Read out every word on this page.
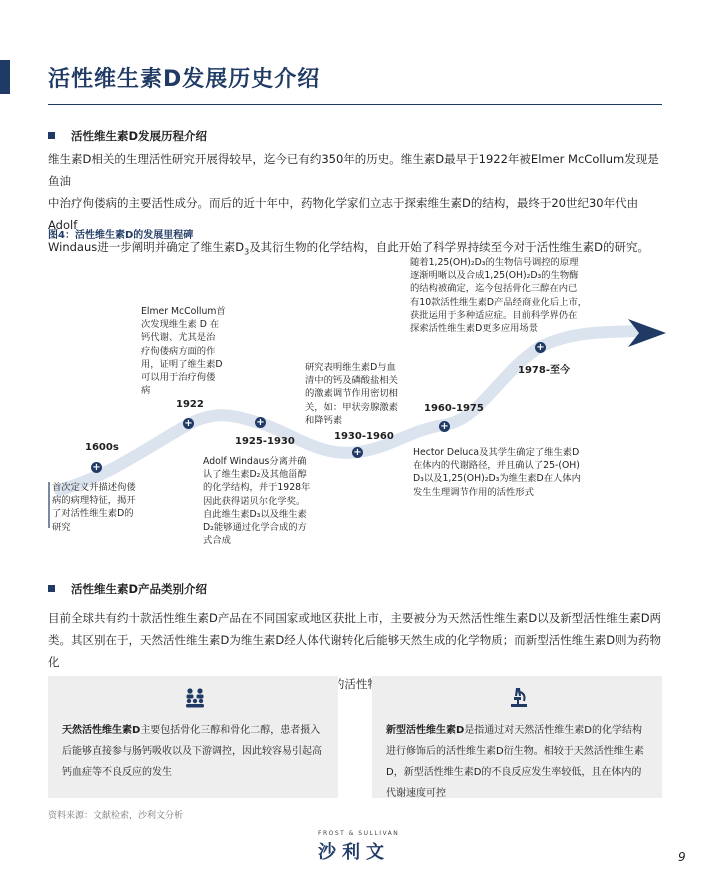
活性维生素D发展历史介绍
活性维生素D发展历程介绍
维生素D相关的生理活性研究开展得较早，迄今已有约350年的历史。维生素D最早于1922年被Elmer McCollum发现是鱼油
中治疗佝偻病的主要活性成分。而后的近十年中，药物化学家们立志于探索维生素D的结构，最终于20世纪30年代由Adolf
Windaus进一步阐明并确定了维生素$D_3$及其衍生物的化学结构，自此开始了科学界持续至今对于活性维生素D的研究。
图4：活性维生素D的发展里程碑
1600s
+
首次定义并描述佝偻
病的病理特征，揭开
了对活性维生素D的
研究
Elmer McCollum首
次发现维生素 D 在
钙代谢、尤其是治
疗佝偻病方面的作
用，证明了维生素D
可以用于治疗佝偻
病
1922
+	+
1925-1930
Adolf Windaus分离并确
认了维生素D₂及其他甾醇
的化学结构，并于1928年
因此获得诺贝尔化学奖。
自此维生素D₃以及维生素
D₂能够通过化学合成的方
式合成
研究表明维生素D与血
清中的钙及磷酸盐相关
的激素调节作用密切相
关，如：甲状旁腺激素
和降钙素
1930-1960
+
1960-1975
+
Hector Deluca及其学生确定了维生素D
在体内的代谢路径，并且确认了25-(OH)
D₃以及1,25(OH)₂D₃为维生素D在人体内
发生生理调节作用的活性形式
随着1,25(OH)₂D₃的生物信号调控的原理
逐渐明晰以及合成1,25(OH)₂D₃的生物酶
的结构被确定，迄今包括骨化三醇在内已
有10款活性维生素D产品经商业化后上市，
获批运用于多种适应症。目前科学界仍在
探索活性维生素D更多应用场景
+
1978-至今
活性维生素D产品类别介绍
目前全球共有约十款活性维生素D产品在不同国家或地区获批上市，主要被分为天然活性维生素D以及新型活性维生素D两
类。其区别在于，天然活性维生素D为维生素D经人体代谢转化后能够天然生成的化学物质；而新型活性维生素D则为药物化
天然活性维生素D主要包括骨化三醇和骨化二醇，患者摄入后能够直接参与肠钙吸收以及下游调控，因此较容易引起高钙血症等不良反应的发生
新型活性维生素D是指通过对天然活性维生素D的化学结构进行修饰后的活性维生素D衍生物。相较于天然活性维生素D，新型活性维生素D的不良反应发生率较低，且在体内的代谢速度可控
资料来源：文献检索，沙利文分析
FROST & SULLIVAN
沙利文	9
